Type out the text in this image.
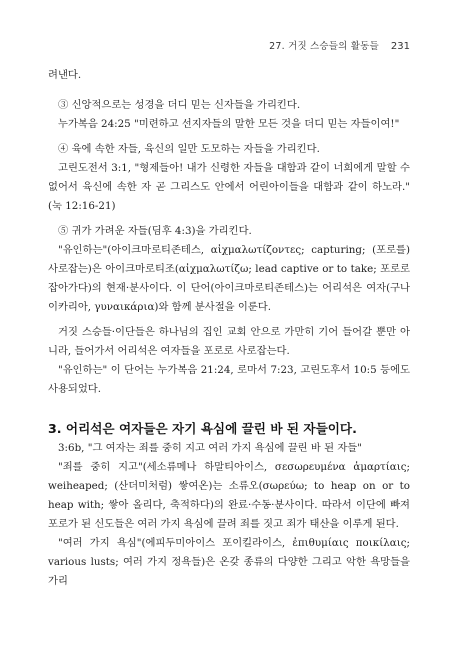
27. 거짓 스승들의 활동들 231

려낸다.

③ 신앙적으로는 성경을 더디 믿는 신자들을 가리킨다.

누가복음 24:25 "미련하고 선지자들의 말한 모든 것을 더디 믿는 자들이여!"

④ 육에 속한 자들, 육신의 일만 도모하는 자들을 가리킨다.

고린도전서 3:1, "형제들아! 내가 신령한 자들을 대함과 같이 너희에게 말할 수 없어서 육신에 속한 자 곧 그리스도 안에서 어린아이들을 대함과 같이 하노라."(눅 12:16-21)

⑤ 귀가 가려운 자들(딤후 4:3)을 가리킨다.

"유인하는"(아이크마로티존테스, αἰχμαλωτίζοντες; capturing; (포로를) 사로잡는)은 아이크마로티조(αἰχμαλωτίζω; lead captive or to take; 포로로 잡아가다)의 현재·분사이다. 이 단어(아이크마로티존테스)는 어리석은 여자(구나이카리아, γυναικάρια)와 함께 분사절을 이룬다.

거짓 스승들·이단들은 하나님의 집인 교회 안으로 가만히 기어 들어갈 뿐만 아니라, 들어가서 어리석은 여자들을 포로로 사로잡는다.

"유인하는" 이 단어는 누가복음 21:24, 로마서 7:23, 고린도후서 10:5 등에도 사용되었다.

3. 어리석은 여자들은 자기 욕심에 끌린 바 된 자들이다.

3:6b, "그 여자는 죄를 중히 지고 여러 가지 욕심에 끌린 바 된 자들"

"죄를 중히 지고"(세소류메나 하말티아이스, σεσωρευμένα ἁμαρτίαις; weiheaped; (산더미처럼) 쌓여온)는 소류오(σωρεύω; to heap on or to heap with; 쌓아 올리다, 축적하다)의 완료·수동·분사이다. 따라서 이단에 빠져 포로가 된 신도들은 여러 가지 욕심에 끌려 죄를 짓고 죄가 태산을 이루게 된다.

"여러 가지 욕심"(에피두미아이스 포이킬라이스, ἐπιθυμίαις ποικίλαις; various lusts; 여러 가지 정욕들)은 온갖 종류의 다양한 그리고 악한 욕망들을 가리
